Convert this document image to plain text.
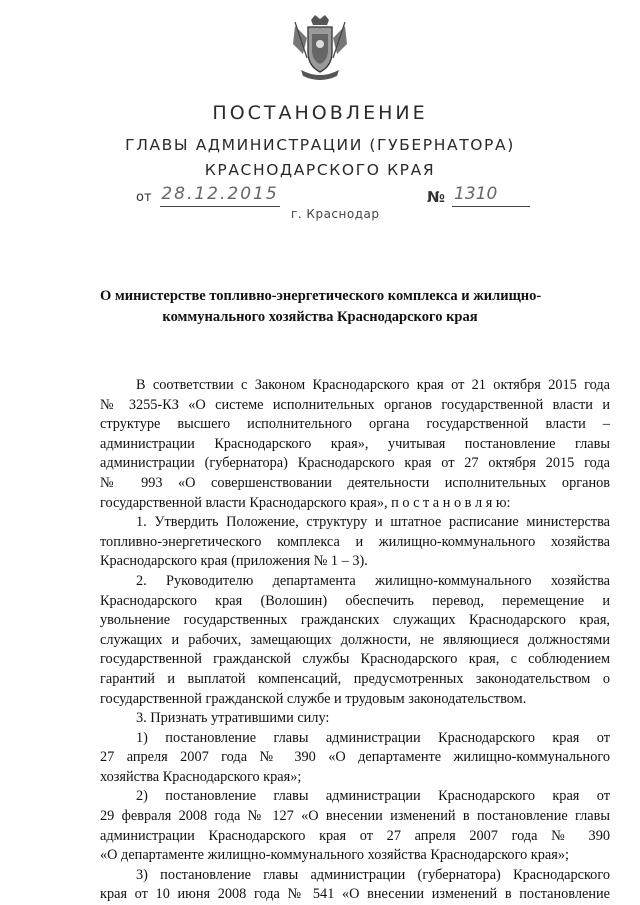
ПОСТАНОВЛЕНИЕ
ГЛАВЫ АДМИНИСТРАЦИИ (ГУБЕРНАТОРА)
КРАСНОДАРСКОГО КРАЯ
от 28.12.2015	№ 1310
г. Краснодар
О министерстве топливно-энергетического комплекса и жилищно-
коммунального хозяйства Краснодарского края
В соответствии с Законом Краснодарского края от 21 октября 2015 года
№ 3255-КЗ «О системе исполнительных органов государственной власти и
структуре высшего исполнительного органа государственной власти –
администрации Краснодарского края», учитывая постановление главы
администрации (губернатора) Краснодарского края от 27 октября 2015 года
№ 993 «О совершенствовании деятельности исполнительных органов
государственной власти Краснодарского края», п о с т а н о в л я ю:
1. Утвердить Положение, структуру и штатное расписание министерства
топливно-энергетического комплекса и жилищно-коммунального хозяйства
Краснодарского края (приложения № 1 – 3).
2. Руководителю департамента жилищно-коммунального хозяйства
Краснодарского края (Волошин) обеспечить перевод, перемещение и
увольнение государственных гражданских служащих Краснодарского края,
служащих и рабочих, замещающих должности, не являющиеся должностями
государственной гражданской службы Краснодарского края, с соблюдением
гарантий и выплатой компенсаций, предусмотренных законодательством о
государственной гражданской службе и трудовым законодательством.
3. Признать утратившими силу:
1) постановление главы администрации Краснодарского края от
27 апреля 2007 года № 390 «О департаменте жилищно-коммунального
хозяйства Краснодарского края»;
2) постановление главы администрации Краснодарского края от
29 февраля 2008 года № 127 «О внесении изменений в постановление главы
администрации Краснодарского края от 27 апреля 2007 года № 390
«О департаменте жилищно-коммунального хозяйства Краснодарского края»;
3) постановление главы администрации (губернатора) Краснодарского
края от 10 июня 2008 года № 541 «О внесении изменений в постановление
